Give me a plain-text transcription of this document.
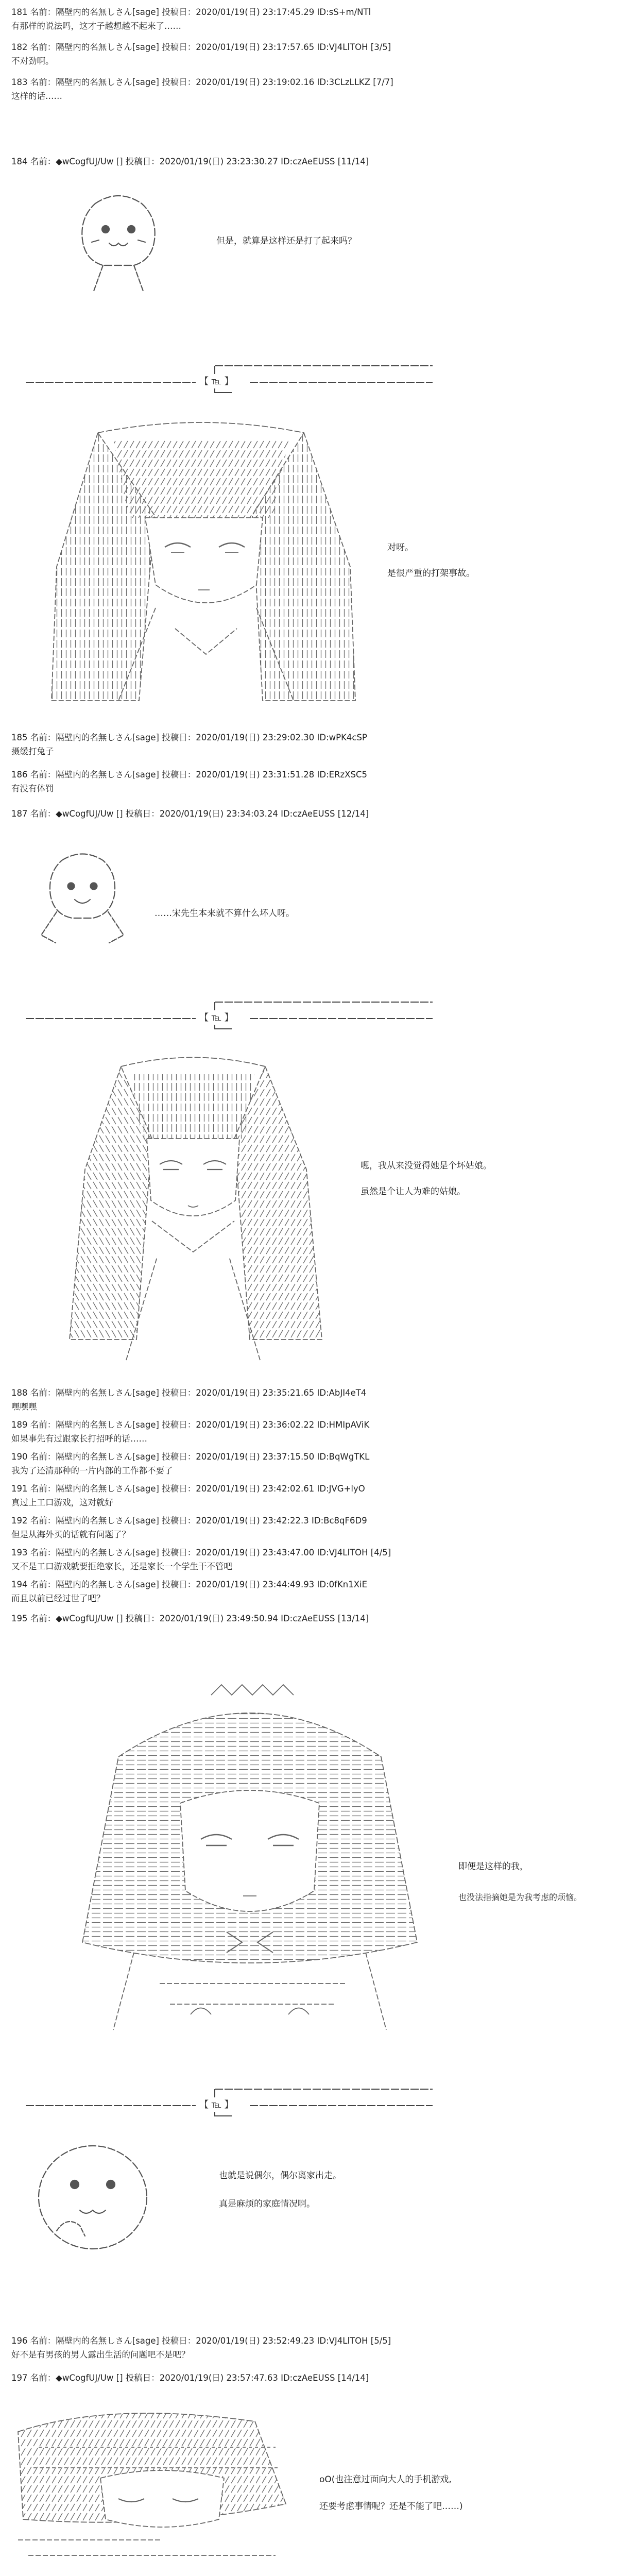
181 名前：隔壁内的名無しさん[sage] 投稿日：2020/01/19(日) 23:17:45.29 ID:sS+m/NTl
有那样的说法吗，这才子越想越不起来了……
182 名前：隔壁内的名無しさん[sage] 投稿日：2020/01/19(日) 23:17:57.65 ID:VJ4LlTOH [3/5]
不对劲啊。
183 名前：隔壁内的名無しさん[sage] 投稿日：2020/01/19(日) 23:19:02.16 ID:3CLzLLKZ [7/7]
这样的话……
184 名前：◆wCogfUJ/Uw [] 投稿日：2020/01/19(日) 23:23:30.27 ID:czAeEUSS [11/14]
但是，就算是这样还是打了起来吗？
【 ℡ 】
对呀。
是很严重的打架事故。
185 名前：隔壁内的名無しさん[sage] 投稿日：2020/01/19(日) 23:29:02.30 ID:wPK4cSP
摄缓打兔子
186 名前：隔壁内的名無しさん[sage] 投稿日：2020/01/19(日) 23:31:51.28 ID:ERzXSC5
有没有体罚
187 名前：◆wCogfUJ/Uw [] 投稿日：2020/01/19(日) 23:34:03.24 ID:czAeEUSS [12/14]
……宋先生本来就不算什么坏人呀。
【 ℡ 】
嗯，我从来没觉得她是个坏姑娘。
虽然是个让人为难的姑娘。
188 名前：隔壁内的名無しさん[sage] 投稿日：2020/01/19(日) 23:35:21.65 ID:AbJI4eT4
嘿嘿嘿
189 名前：隔壁内的名無しさん[sage] 投稿日：2020/01/19(日) 23:36:02.22 ID:HMIpAViK
如果事先有过跟家长打招呼的话……
190 名前：隔壁内的名無しさん[sage] 投稿日：2020/01/19(日) 23:37:15.50 ID:BqWgTKL
我为了还清那种的一片内部的工作都不要了
191 名前：隔壁内的名無しさん[sage] 投稿日：2020/01/19(日) 23:42:02.61 ID:JVG+lyO
真过上工口游戏，这对就好
192 名前：隔壁内的名無しさん[sage] 投稿日：2020/01/19(日) 23:42:22.3 ID:Bc8qF6D9
但是从海外买的话就有问题了？
193 名前：隔壁内的名無しさん[sage] 投稿日：2020/01/19(日) 23:43:47.00 ID:VJ4LlTOH [4/5]
又不是工口游戏就要拒绝家长，还是家长一个学生干不管吧
194 名前：隔壁内的名無しさん[sage] 投稿日：2020/01/19(日) 23:44:49.93 ID:0fKn1XiE
而且以前已经过世了吧？
195 名前：◆wCogfUJ/Uw [] 投稿日：2020/01/19(日) 23:49:50.94 ID:czAeEUSS [13/14]
即便是这样的我，
也没法指摘她是为我考虑的烦恼。
【 ℡ 】
也就是说偶尔，偶尔离家出走。
真是麻烦的家庭情况啊。
196 名前：隔壁内的名無しさん[sage] 投稿日：2020/01/19(日) 23:52:49.23 ID:VJ4LlTOH [5/5]
好不是有男孩的男人露出生活的问题吧不是吧？
197 名前：◆wCogfUJ/Uw [] 投稿日：2020/01/19(日) 23:57:47.63 ID:czAeEUSS [14/14]
oO(也注意过面向大人的手机游戏,
还要考虑事情呢？还是不能了吧……)
